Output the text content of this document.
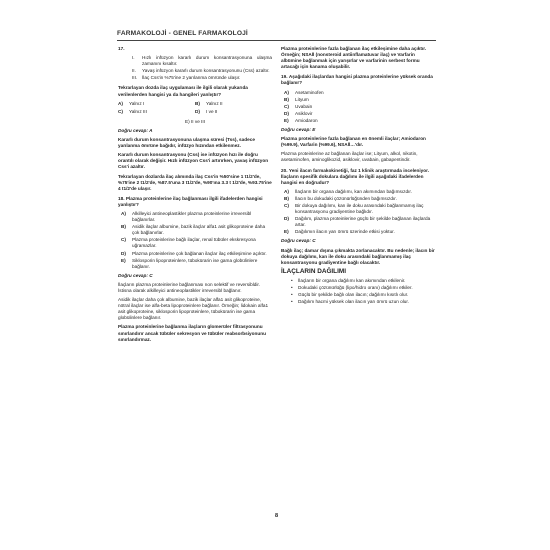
FARMAKOLOJİ - GENEL FARMAKOLOJİ

17.

I.	Hızlı infüzyon kararlı durum konsantrasyonuna ulaşma zamanını kısaltır.
II.	Yavaş infüzyon kararlı durum konsantrasyonunu (Css) azaltır.
III.	İlaç Css'in %75'ine 2 yarılanma ömründe ulaşır.

Tekrarlayan dozda ilaç uygulaması ile ilgili olarak yukarıda verilenlerden hangisi ya da hangileri yanlıştır?

A)	Yalnız I	B)	Yalnız II
C)	Yalnız III	D)	I ve II

E) II ve III

Doğru cevap: A

Kararlı durum konsantrasyonuna ulaşma süresi (Tss), sadece yarılanma ömrüne bağıdır, infüzyo hızından etkilenmez.

Kararlı durum konsantrasyonu (Css) ise infüzyon hızı ile doğru orantılı olarak değişir. Hızlı infüzyon Css'i artırırken, yavaş infüzyon Css'i azaltır.

Tekrarlayan dozlarda ilaç alımında ilaç Css'in %50'sine 1 t1/2'de, %75'ine 2 t1/2'de, %87.5'una 3 t1/2'de, %90'ına 3.3 t 1/2'de, %93.75'ine 4 t1/2'de ulaşır.

18. Plazma proteinlerine ilaç bağlanması ilgili ifadelerden hangisi yanlıştır?

A)	Alkilleyici antineoplastikler plazma proteinlerine irreversibl bağlanırlar.
B)	Asidik ilaçlar albumine, bazik ilaçlar alfa1 asit glikoproteine daha çok bağlanırlar.
C)	Plazma proteinlerine bağlı ilaçlar, renal tübüler ekskresyona uğramazlar.
D)	Plazma proteinlerine çok bağlanan ilaçlar ilaç etkileşimine açıktır.
E)	Siklosporin lipoproteinlere, tübokürarin ise gama globülinlere bağlanır.

Doğru cevap: C

İlaçların plazma proteinlerine bağlanması non selektif ve reversibldir. İstisna olarak alkilleyici antineoplastikler irreversibl bağlanır.

Asidik ilaçlar daha çok albumine, bazik ilaçlar alfa1 asit glikoproteine, nötral ilaçlar ise alfa-beta lipoproteinlere bağlanır. Örneğin; lidokain alfa1 asit glikoproteine, siklosporin lipoproteinlere, tübokürarin ise gama globülinlere bağlanır.

Plazma proteinlerine bağlanma ilaçların glomerüler filtrasyonunu sınırlandırır ancak tübüler sekresyon ve tübüler reabsorbsiyonunu sınırlandırmaz.

Plazma proteinlerine fazla bağlanan ilaç etkileşimine daha açıktır. Örneğin; NSAİİ (nonsteroid antiinflamatuvar ilaç) ve Varfarin albümine bağlanmak için yarışırlar ve varfarinin serbest formu artacağı için kanama oluşabilir.

19. Aşağıdaki ilaçlardan hangisi plazma proteinlerine yüksek oranda bağlanır?

A)	Asetaminofen
B)	Lityum
C)	Uvabain
D)	Asiklovir
E)	Amiodaron

Doğru cevap: E

Plazma proteinlerine fazla bağlanan en önemli ilaçlar; Amiodaron (%99.9), Varfarin (%99.6), NSAİİ…'dır.

Plazma proteinlerine az bağlanan ilaçlar ise; Lityum, alkol, nikotin, asetaminofen, aminoglikozid, asiklovir, uvabain, gabapentindir.

20. Yeni ilacın farmakokinetiği, faz 1 klinik araştırmada inceleniyor. İlaçların spesifik dokulara dağılımı ile ilgili aşağıdaki ifadelerden hangisi en doğrudur?

A)	İlaçların bir organa dağılımı, kan akımından bağımsızdır.
B)	İlacın bu dokudaki çözünürlüğünden bağımsızdır.
C)	Bir dokuya dağılımı, kan ile doku arasındaki bağlanmamış ilaç konsantrasyonu gradiyentine bağlıdır.
D)	Dağılım, plazma proteinlerine güçlü bir şekilde bağlanan ilaçlarda artar.
E)	Dağılımın ilacın yarı ömrü üzerinde etkisi yoktur.

Doğru cevap: C

Bağlı ilaç; damar dışına çıkmakta zorlanacaktır. Bu nedenle; ilacın bir dokuya dağılımı, kan ile doku arasındaki bağlanmamış ilaç konsantrasyonu gradiyentine bağlı olacaktır.

İLAÇLARIN DAĞILIMI
•	İlaçların bir organa dağılımı kan akımından etkilenir.
•	Dokudaki çözünürlüğü (lipo/hidro oranı) dağılımı etkiler.
•	Güçlü bir şekilde bağlı olan ilacın; dağılımı kısıtlı olur.
•	Dağılım hacmi yüksek olan ilacın yarı ömrü uzun olur.
8
